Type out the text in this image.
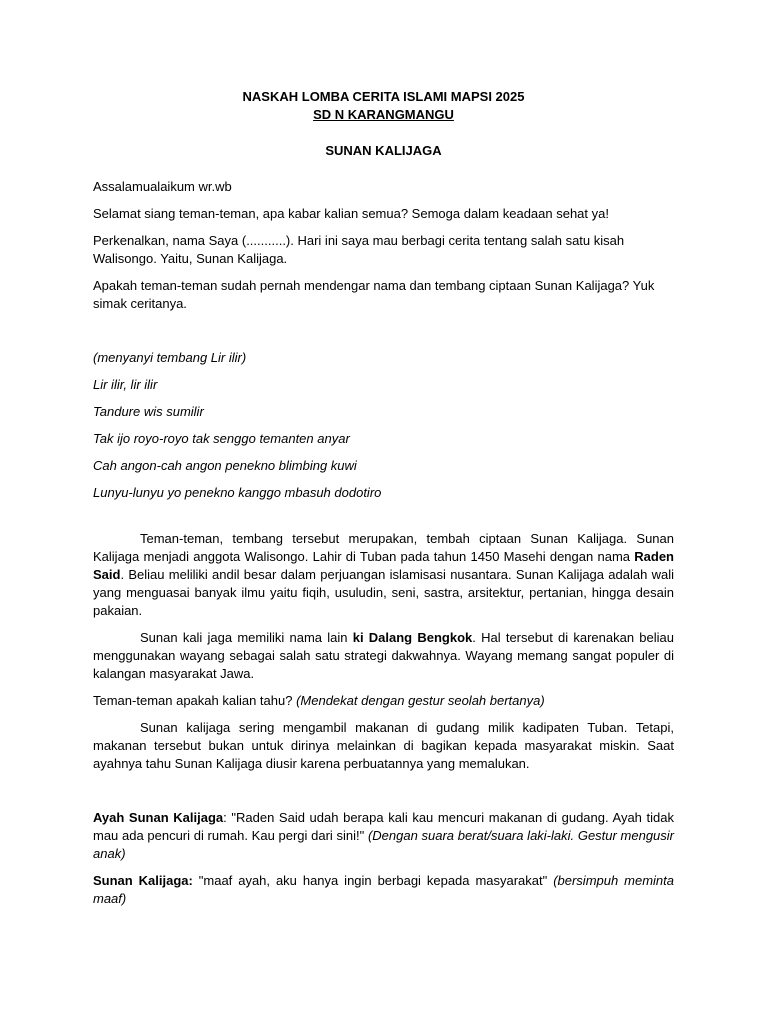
NASKAH LOMBA CERITA ISLAMI MAPSI 2025

SD N KARANGMANGU

SUNAN KALIJAGA

Assalamualaikum wr.wb

Selamat siang teman-teman, apa kabar kalian semua? Semoga dalam keadaan sehat ya!

Perkenalkan, nama Saya (...........). Hari ini saya mau berbagi cerita tentang salah satu kisah Walisongo. Yaitu, Sunan Kalijaga.

Apakah teman-teman sudah pernah mendengar nama dan tembang ciptaan Sunan Kalijaga? Yuk simak ceritanya.

(menyanyi tembang Lir ilir)

Lir ilir, lir ilir

Tandure wis sumilir

Tak ijo royo-royo tak senggo temanten anyar

Cah angon-cah angon penekno blimbing kuwi

Lunyu-lunyu yo penekno kanggo mbasuh dodotiro

Teman-teman, tembang tersebut merupakan, tembah ciptaan Sunan Kalijaga. Sunan Kalijaga menjadi anggota Walisongo. Lahir di Tuban pada tahun 1450 Masehi dengan nama Raden Said. Beliau meliliki andil besar dalam perjuangan islamisasi nusantara. Sunan Kalijaga adalah wali yang menguasai banyak ilmu yaitu fiqih, usuludin, seni, sastra, arsitektur, pertanian, hingga desain pakaian.

Sunan kali jaga memiliki nama lain ki Dalang Bengkok. Hal tersebut di karenakan beliau menggunakan wayang sebagai salah satu strategi dakwahnya. Wayang memang sangat populer di kalangan masyarakat Jawa.

Teman-teman apakah kalian tahu? (Mendekat dengan gestur seolah bertanya)

Sunan kalijaga sering mengambil makanan di gudang milik kadipaten Tuban. Tetapi, makanan tersebut bukan untuk dirinya melainkan di bagikan kepada masyarakat miskin. Saat ayahnya tahu Sunan Kalijaga diusir karena perbuatannya yang memalukan.

Ayah Sunan Kalijaga: "Raden Said udah berapa kali kau mencuri makanan di gudang. Ayah tidak mau ada pencuri di rumah. Kau pergi dari sini!" (Dengan suara berat/suara laki-laki. Gestur mengusir anak)

Sunan Kalijaga: "maaf ayah, aku hanya ingin berbagi kepada masyarakat" (bersimpuh meminta maaf)
